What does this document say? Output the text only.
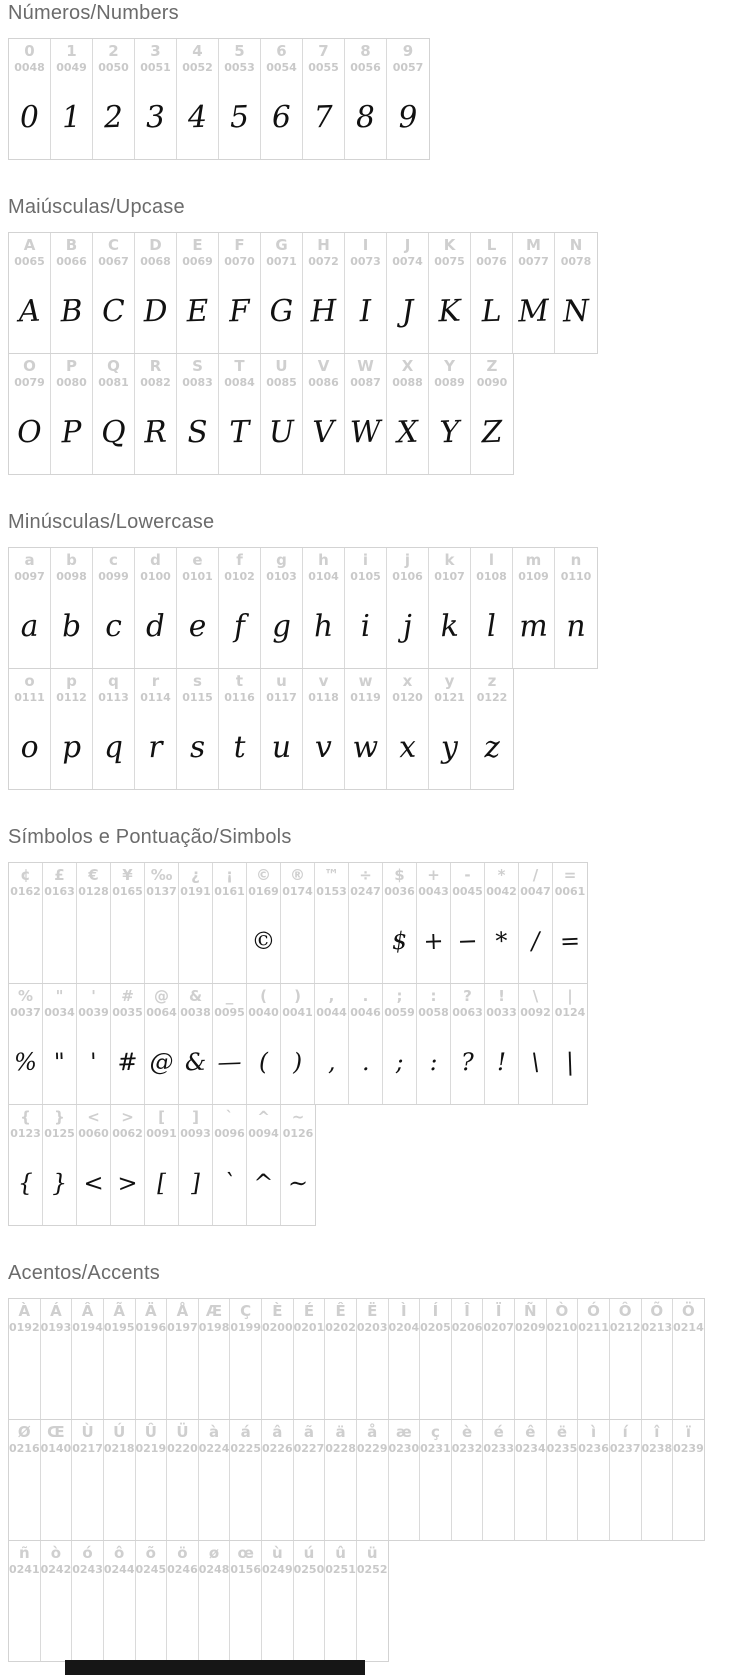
Números/Numbers
0
0048
0
1
0049
1
2
0050
2
3
0051
3
4
0052
4
5
0053
5
6
0054
6
7
0055
7
8
0056
8
9
0057
9
Maiúsculas/Upcase
A
0065
A
B
0066
B
C
0067
C
D
0068
D
E
0069
E
F
0070
F
G
0071
G
H
0072
H
I
0073
I
J
0074
J
K
0075
K
L
0076
L
M
0077
M
N
0078
N
O
0079
O
P
0080
P
Q
0081
Q
R
0082
R
S
0083
S
T
0084
T
U
0085
U
V
0086
V
W
0087
W
X
0088
X
Y
0089
Y
Z
0090
Z
Minúsculas/Lowercase
a
0097
a
b
0098
b
c
0099
c
d
0100
d
e
0101
e
f
0102
f
g
0103
g
h
0104
h
i
0105
i
j
0106
j
k
0107
k
l
0108
l
m
0109
m
n
0110
n
o
0111
o
p
0112
p
q
0113
q
r
0114
r
s
0115
s
t
0116
t
u
0117
u
v
0118
v
w
0119
w
x
0120
x
y
0121
y
z
0122
z
Símbolos e Pontuação/Simbols
¢
0162
£
0163
€
0128
¥
0165
‰
0137
¿
0191
¡
0161
©
0169
©
®
0174
™
0153
÷
0247
$
0036
$
+
0043
+
-
0045
−
*
0042
*
/
0047
/
=
0061
=
%
0037
%
"
0034
"
'
0039
'
#
0035
#
@
0064
@
&
0038
&
_
0095
—
(
0040
(
)
0041
)
,
0044
,
.
0046
.
;
0059
;
:
0058
:
?
0063
?
!
0033
!
\
0092
\
|
0124
|
{
0123
{
}
0125
}
<
0060
<
>
0062
>
[
0091
[
]
0093
]
`
0096
`
^
0094
^
~
0126
~
Acentos/Accents
À
0192
Á
0193
Â
0194
Ã
0195
Ä
0196
Å
0197
Æ
0198
Ç
0199
È
0200
É
0201
Ê
0202
Ë
0203
Ì
0204
Í
0205
Î
0206
Ï
0207
Ñ
0209
Ò
0210
Ó
0211
Ô
0212
Õ
0213
Ö
0214
Ø
0216
Œ
0140
Ù
0217
Ú
0218
Û
0219
Ü
0220
à
0224
á
0225
â
0226
ã
0227
ä
0228
å
0229
æ
0230
ç
0231
è
0232
é
0233
ê
0234
ë
0235
ì
0236
í
0237
î
0238
ï
0239
ñ
0241
ò
0242
ó
0243
ô
0244
õ
0245
ö
0246
ø
0248
œ
0156
ù
0249
ú
0250
û
0251
ü
0252
